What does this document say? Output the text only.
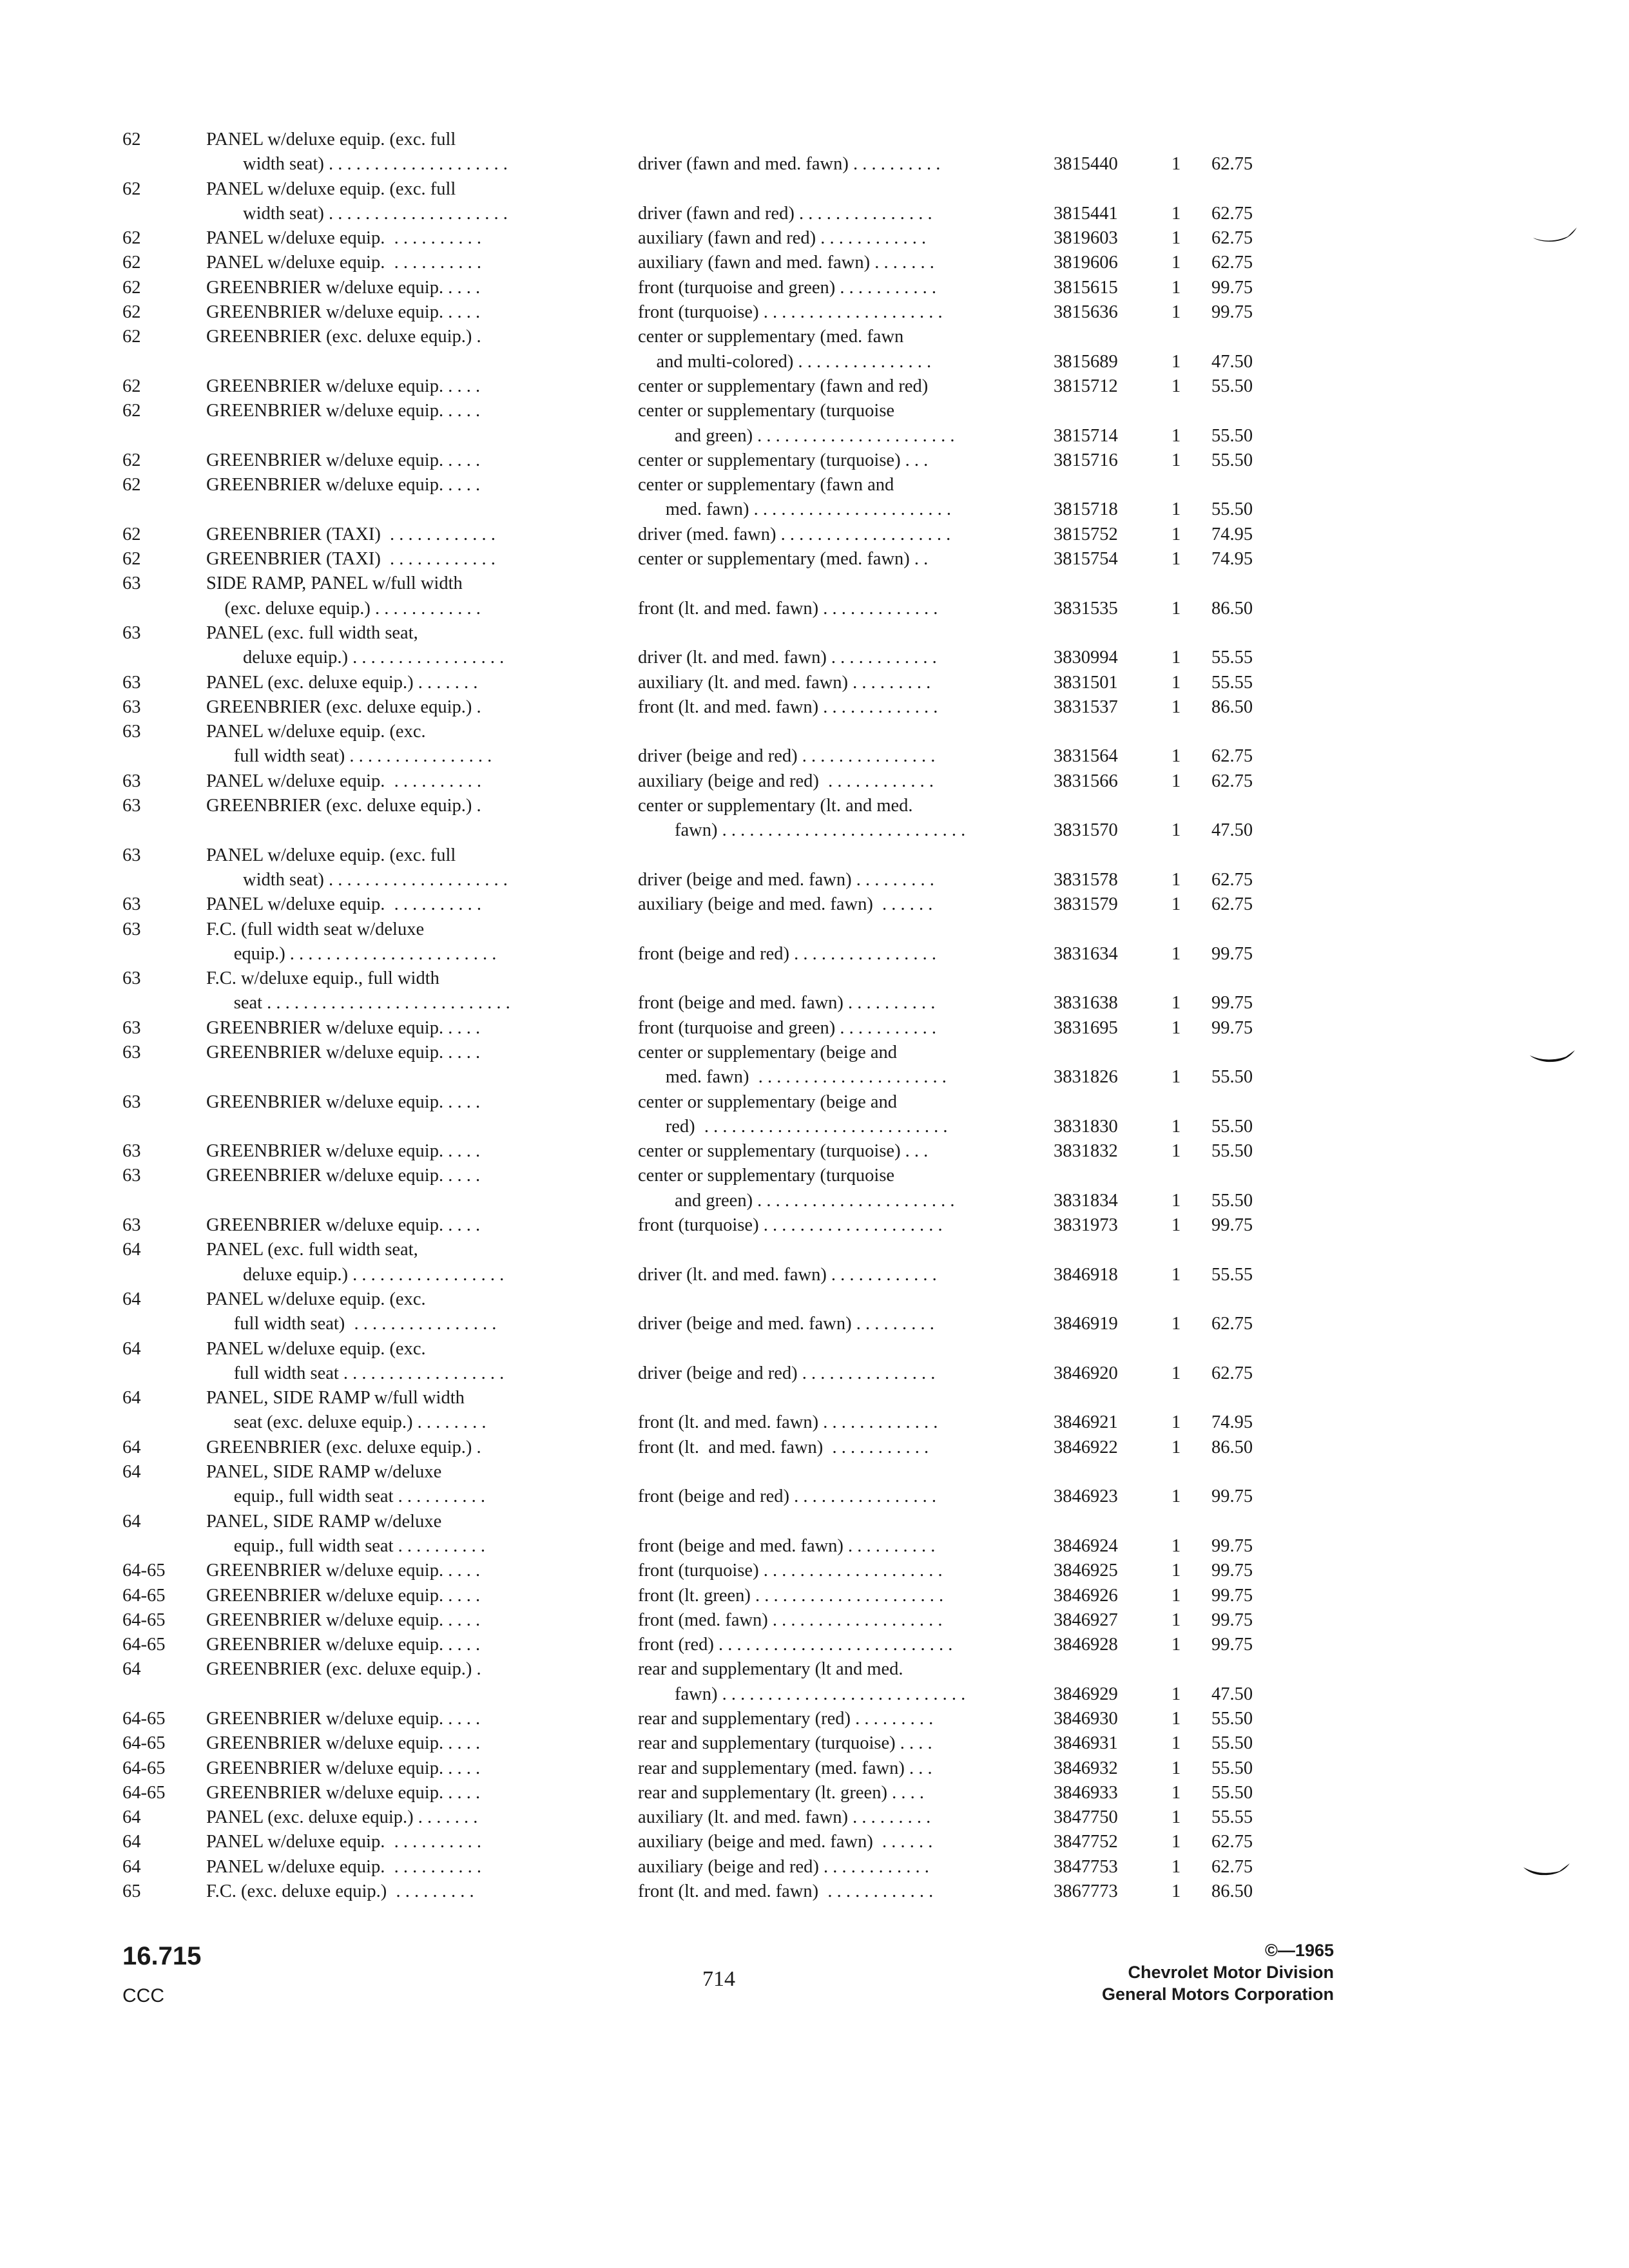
62	PANEL w/deluxe equip. (exc. full
width seat) . . . . . . . . . . . . . . . . . . . .	driver (fawn and med. fawn) . . . . . . . . . .	3815440	1	62.75
62	PANEL w/deluxe equip. (exc. full
width seat) . . . . . . . . . . . . . . . . . . . .	driver (fawn and red) . . . . . . . . . . . . . . .	3815441	1	62.75
62	PANEL w/deluxe equip.  . . . . . . . . . .	auxiliary (fawn and red) . . . . . . . . . . . .	3819603	1	62.75
62	PANEL w/deluxe equip.  . . . . . . . . . .	auxiliary (fawn and med. fawn) . . . . . . .	3819606	1	62.75
62	GREENBRIER w/deluxe equip. . . . .	front (turquoise and green) . . . . . . . . . . .	3815615	1	99.75
62	GREENBRIER w/deluxe equip. . . . .	front (turquoise) . . . . . . . . . . . . . . . . . . . .	3815636	1	99.75
62	GREENBRIER (exc. deluxe equip.) .	center or supplementary (med. fawn
and multi-colored) . . . . . . . . . . . . . . .	3815689	1	47.50
62	GREENBRIER w/deluxe equip. . . . .	center or supplementary (fawn and red)	3815712	1	55.50
62	GREENBRIER w/deluxe equip. . . . .	center or supplementary (turquoise
and green) . . . . . . . . . . . . . . . . . . . . . .	3815714	1	55.50
62	GREENBRIER w/deluxe equip. . . . .	center or supplementary (turquoise) . . .	3815716	1	55.50
62	GREENBRIER w/deluxe equip. . . . .	center or supplementary (fawn and
med. fawn) . . . . . . . . . . . . . . . . . . . . . .	3815718	1	55.50
62	GREENBRIER (TAXI)  . . . . . . . . . . . .	driver (med. fawn) . . . . . . . . . . . . . . . . . . .	3815752	1	74.95
62	GREENBRIER (TAXI)  . . . . . . . . . . . .	center or supplementary (med. fawn) . .	3815754	1	74.95
63	SIDE RAMP, PANEL w/full width
(exc. deluxe equip.) . . . . . . . . . . . .	front (lt. and med. fawn) . . . . . . . . . . . . .	3831535	1	86.50
63	PANEL (exc. full width seat,
deluxe equip.) . . . . . . . . . . . . . . . . .	driver (lt. and med. fawn) . . . . . . . . . . . .	3830994	1	55.55
63	PANEL (exc. deluxe equip.) . . . . . . .	auxiliary (lt. and med. fawn) . . . . . . . . .	3831501	1	55.55
63	GREENBRIER (exc. deluxe equip.) .	front (lt. and med. fawn) . . . . . . . . . . . . .	3831537	1	86.50
63	PANEL w/deluxe equip. (exc.
full width seat) . . . . . . . . . . . . . . . .	driver (beige and red) . . . . . . . . . . . . . . .	3831564	1	62.75
63	PANEL w/deluxe equip.  . . . . . . . . . .	auxiliary (beige and red)  . . . . . . . . . . . .	3831566	1	62.75
63	GREENBRIER (exc. deluxe equip.) .	center or supplementary (lt. and med.
fawn) . . . . . . . . . . . . . . . . . . . . . . . . . . .	3831570	1	47.50
63	PANEL w/deluxe equip. (exc. full
width seat) . . . . . . . . . . . . . . . . . . . .	driver (beige and med. fawn) . . . . . . . . .	3831578	1	62.75
63	PANEL w/deluxe equip.  . . . . . . . . . .	auxiliary (beige and med. fawn)  . . . . . .	3831579	1	62.75
63	F.C. (full width seat w/deluxe
equip.) . . . . . . . . . . . . . . . . . . . . . . .	front (beige and red) . . . . . . . . . . . . . . . .	3831634	1	99.75
63	F.C. w/deluxe equip., full width
seat . . . . . . . . . . . . . . . . . . . . . . . . . . .	front (beige and med. fawn) . . . . . . . . . .	3831638	1	99.75
63	GREENBRIER w/deluxe equip. . . . .	front (turquoise and green) . . . . . . . . . . .	3831695	1	99.75
63	GREENBRIER w/deluxe equip. . . . .	center or supplementary (beige and
med. fawn)  . . . . . . . . . . . . . . . . . . . . .	3831826	1	55.50
63	GREENBRIER w/deluxe equip. . . . .	center or supplementary (beige and
red)  . . . . . . . . . . . . . . . . . . . . . . . . . . .	3831830	1	55.50
63	GREENBRIER w/deluxe equip. . . . .	center or supplementary (turquoise) . . .	3831832	1	55.50
63	GREENBRIER w/deluxe equip. . . . .	center or supplementary (turquoise
and green) . . . . . . . . . . . . . . . . . . . . . .	3831834	1	55.50
63	GREENBRIER w/deluxe equip. . . . .	front (turquoise) . . . . . . . . . . . . . . . . . . . .	3831973	1	99.75
64	PANEL (exc. full width seat,
deluxe equip.) . . . . . . . . . . . . . . . . .	driver (lt. and med. fawn) . . . . . . . . . . . .	3846918	1	55.55
64	PANEL w/deluxe equip. (exc.
full width seat)  . . . . . . . . . . . . . . . .	driver (beige and med. fawn) . . . . . . . . .	3846919	1	62.75
64	PANEL w/deluxe equip. (exc.
full width seat . . . . . . . . . . . . . . . . . .	driver (beige and red) . . . . . . . . . . . . . . .	3846920	1	62.75
64	PANEL, SIDE RAMP w/full width
seat (exc. deluxe equip.) . . . . . . . .	front (lt. and med. fawn) . . . . . . . . . . . . .	3846921	1	74.95
64	GREENBRIER (exc. deluxe equip.) .	front (lt.  and med. fawn)  . . . . . . . . . . .	3846922	1	86.50
64	PANEL, SIDE RAMP w/deluxe
equip., full width seat . . . . . . . . . .	front (beige and red) . . . . . . . . . . . . . . . .	3846923	1	99.75
64	PANEL, SIDE RAMP w/deluxe
equip., full width seat . . . . . . . . . .	front (beige and med. fawn) . . . . . . . . . .	3846924	1	99.75
64-65	GREENBRIER w/deluxe equip. . . . .	front (turquoise) . . . . . . . . . . . . . . . . . . . .	3846925	1	99.75
64-65	GREENBRIER w/deluxe equip. . . . .	front (lt. green) . . . . . . . . . . . . . . . . . . . . .	3846926	1	99.75
64-65	GREENBRIER w/deluxe equip. . . . .	front (med. fawn) . . . . . . . . . . . . . . . . . . .	3846927	1	99.75
64-65	GREENBRIER w/deluxe equip. . . . .	front (red) . . . . . . . . . . . . . . . . . . . . . . . . . .	3846928	1	99.75
64	GREENBRIER (exc. deluxe equip.) .	rear and supplementary (lt and med.
fawn) . . . . . . . . . . . . . . . . . . . . . . . . . . .	3846929	1	47.50
64-65	GREENBRIER w/deluxe equip. . . . .	rear and supplementary (red) . . . . . . . . .	3846930	1	55.50
64-65	GREENBRIER w/deluxe equip. . . . .	rear and supplementary (turquoise) . . . .	3846931	1	55.50
64-65	GREENBRIER w/deluxe equip. . . . .	rear and supplementary (med. fawn) . . .	3846932	1	55.50
64-65	GREENBRIER w/deluxe equip. . . . .	rear and supplementary (lt. green) . . . .	3846933	1	55.50
64	PANEL (exc. deluxe equip.) . . . . . . .	auxiliary (lt. and med. fawn) . . . . . . . . .	3847750	1	55.55
64	PANEL w/deluxe equip.  . . . . . . . . . .	auxiliary (beige and med. fawn)  . . . . . .	3847752	1	62.75
64	PANEL w/deluxe equip.  . . . . . . . . . .	auxiliary (beige and red) . . . . . . . . . . . .	3847753	1	62.75
65	F.C. (exc. deluxe equip.)  . . . . . . . . .	front (lt. and med. fawn)  . . . . . . . . . . . .	3867773	1	86.50
16.715
CCC
714
©—1965
Chevrolet Motor Division
General Motors Corporation
